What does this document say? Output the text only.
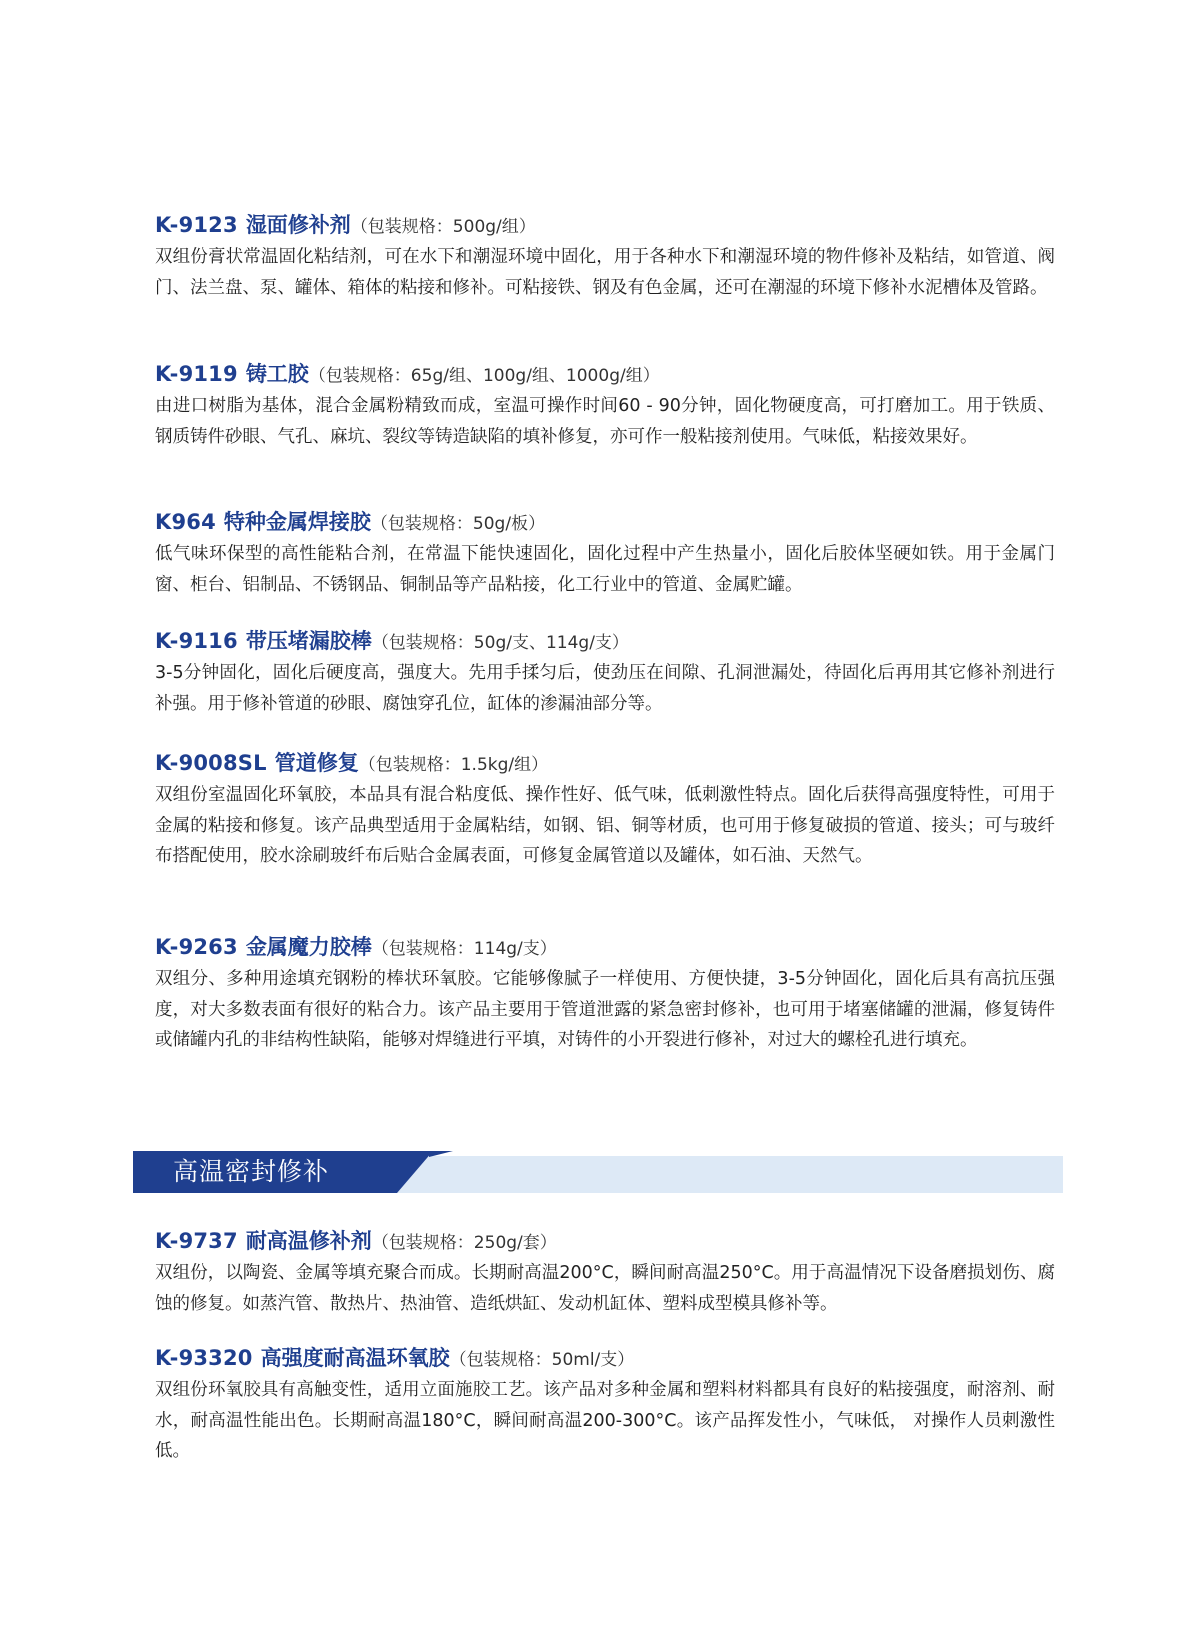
K-9123 湿面修补剂（包装规格：500g/组）

双组份膏状常温固化粘结剂，可在水下和潮湿环境中固化，用于各种水下和潮湿环境的物件修补及粘结，如管道、阀门、法兰盘、泵、罐体、箱体的粘接和修补。可粘接铁、钢及有色金属，还可在潮湿的环境下修补水泥槽体及管路。

K-9119 铸工胶（包装规格：65g/组、100g/组、1000g/组）

由进口树脂为基体，混合金属粉精致而成，室温可操作时间60 - 90分钟，固化物硬度高，可打磨加工。用于铁质、钢质铸件砂眼、气孔、麻坑、裂纹等铸造缺陷的填补修复，亦可作一般粘接剂使用。气味低，粘接效果好。

K964 特种金属焊接胶（包装规格：50g/板）

低气味环保型的高性能粘合剂，在常温下能快速固化，固化过程中产生热量小，固化后胶体坚硬如铁。用于金属门窗、柜台、铝制品、不锈钢品、铜制品等产品粘接，化工行业中的管道、金属贮罐。

K-9116 带压堵漏胶棒（包装规格：50g/支、114g/支）

3-5分钟固化，固化后硬度高，强度大。先用手揉匀后，使劲压在间隙、孔洞泄漏处，待固化后再用其它修补剂进行补强。用于修补管道的砂眼、腐蚀穿孔位，缸体的渗漏油部分等。

K-9008SL 管道修复（包装规格：1.5kg/组）

双组份室温固化环氧胶，本品具有混合粘度低、操作性好、低气味，低刺激性特点。固化后获得高强度特性，可用于金属的粘接和修复。该产品典型适用于金属粘结，如钢、铝、铜等材质，也可用于修复破损的管道、接头；可与玻纤布搭配使用，胶水涂刷玻纤布后贴合金属表面，可修复金属管道以及罐体，如石油、天然气。

K-9263 金属魔力胶棒（包装规格：114g/支）

双组分、多种用途填充钢粉的棒状环氧胶。它能够像腻子一样使用、方便快捷，3-5分钟固化，固化后具有高抗压强度，对大多数表面有很好的粘合力。该产品主要用于管道泄露的紧急密封修补，也可用于堵塞储罐的泄漏，修复铸件或储罐内孔的非结构性缺陷，能够对焊缝进行平填，对铸件的小开裂进行修补，对过大的螺栓孔进行填充。

高温密封修补
K-9737 耐高温修补剂（包装规格：250g/套）

双组份，以陶瓷、金属等填充聚合而成。长期耐高温200°C，瞬间耐高温250°C。用于高温情况下设备磨损划伤、腐蚀的修复。如蒸汽管、散热片、热油管、造纸烘缸、发动机缸体、塑料成型模具修补等。

K-93320 高强度耐高温环氧胶（包装规格：50ml/支）

双组份环氧胶具有高触变性，适用立面施胶工艺。该产品对多种金属和塑料材料都具有良好的粘接强度，耐溶剂、耐水，耐高温性能出色。长期耐高温180°C，瞬间耐高温200-300°C。该产品挥发性小，气味低， 对操作人员刺激性低。
